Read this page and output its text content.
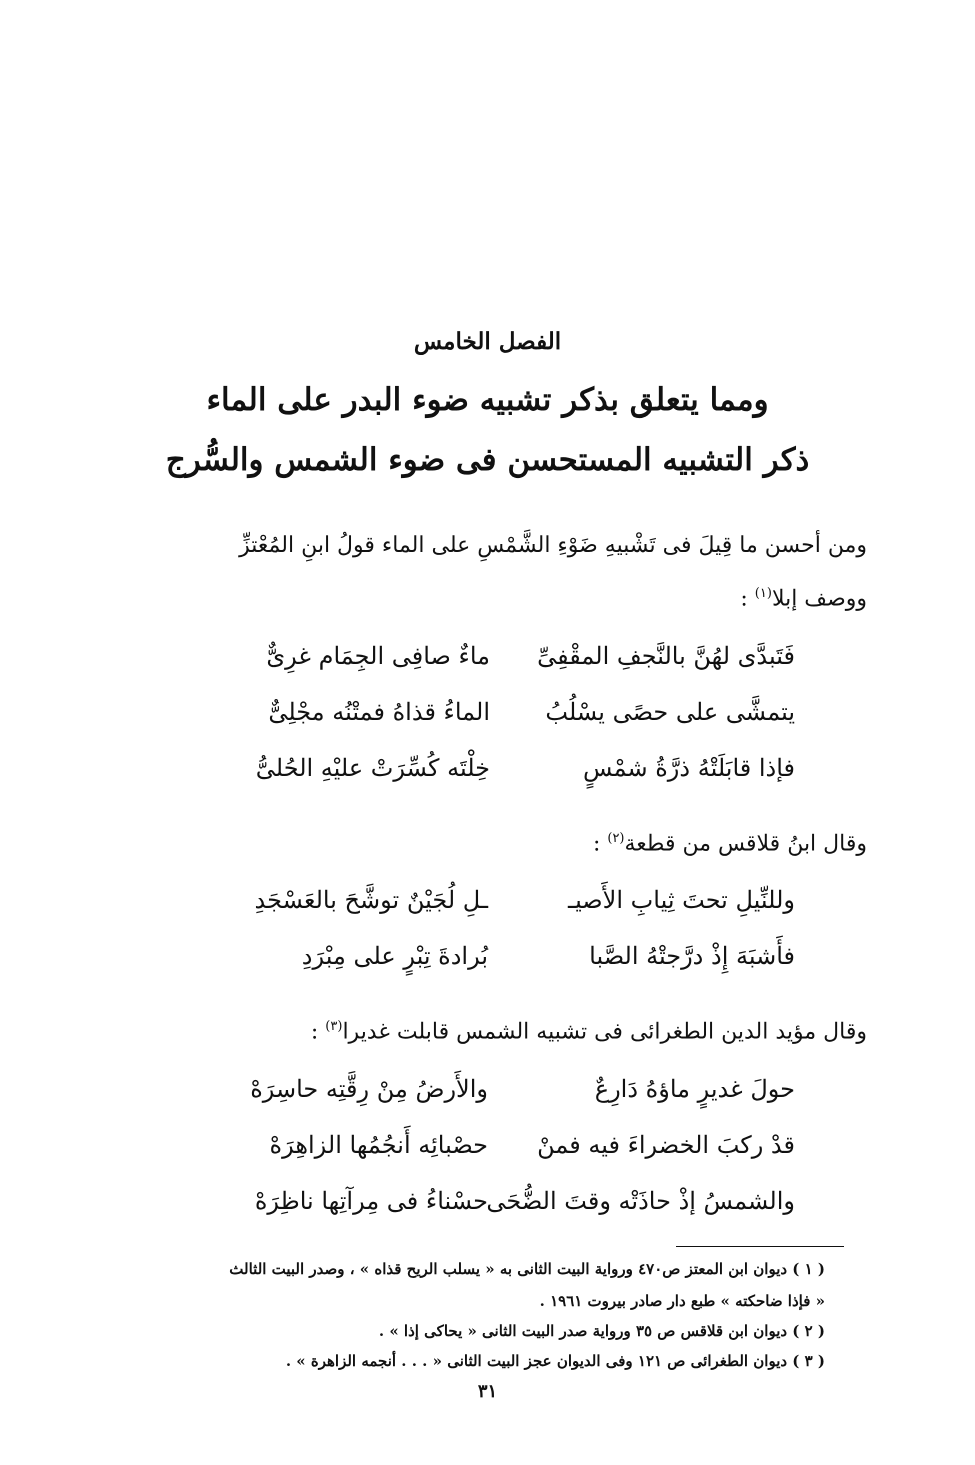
الفصل الخامس
ومما يتعلق بذكر تشبيه ضوء البدر على الماء
ذكر التشبيه المستحسن فى ضوء الشمس والسُّرج
ومن أحسن ما قِيلَ فى تَشْبيهِ ضَوْءِ الشَّمْسِ على الماء قولُ ابنِ المُعْتزِّ
ووصف إبلا$^{(١)}$ :
فَتَبدَّى لهُنَّ بالنَّجفِ المقْفِىِّ
ماءٌ صافِى الجِمَام غرِىٌّ
يتمشَّى على حصًى يسْلُبُ
الماءُ قذاهُ فمتْنُه مجْلِىٌّ
فإذا قابَلَتْهُ ذرَّةُ شمْسٍ
خِلْتَه كُسِّرَتْ عليْهِ الحُلىُّ
وقال ابنُ قلاقس من قطعة$^{(٢)}$ :
وللنِّيلِ تحتَ ثِيابِ الأَصيـ
ـلِ لُجَيْنٌ توشَّحَ بالعَسْجَدِ
فأَشبَهَ إِذْ درَّجتْهُ الصَّبا
بُرادةَ تِبْرٍ على مِبْرَدِ
وقال مؤيد الدين الطغرائى فى تشبيه الشمس قابلت غديرا$^{(٣)}$ :
حولَ غديرٍ ماؤهُ دَارِعٌ
والأَرضُ مِنْ رِقَّتِه حاسِرَهْ
قدْ ركبَ الخضراءَ فيه فمنْ
حصْبائِه أَنجُمُها الزاهِرَهْ
والشمسُ إذْ حاذَتْه وقتَ الضُّحَى
حسْناءُ فى مِرآتِها ناظِرَهْ
( ١ ) ديوان ابن المعتز ص٤٧٠ ورواية البيت الثانى به « يسلب الريح قذاه » ، وصدر البيت الثالث
« فإذا ضاحكته » طبع دار صادر بيروت ١٩٦١ .
( ٢ ) ديوان ابن قلاقس ص ٣٥ ورواية صدر البيت الثانى « يحاكى إذا » .
( ٣ ) ديوان الطغرائى ص ١٢١ وفى الديوان عجز البيت الثانى « . . . أنجمه الزاهرة » .
٣١
